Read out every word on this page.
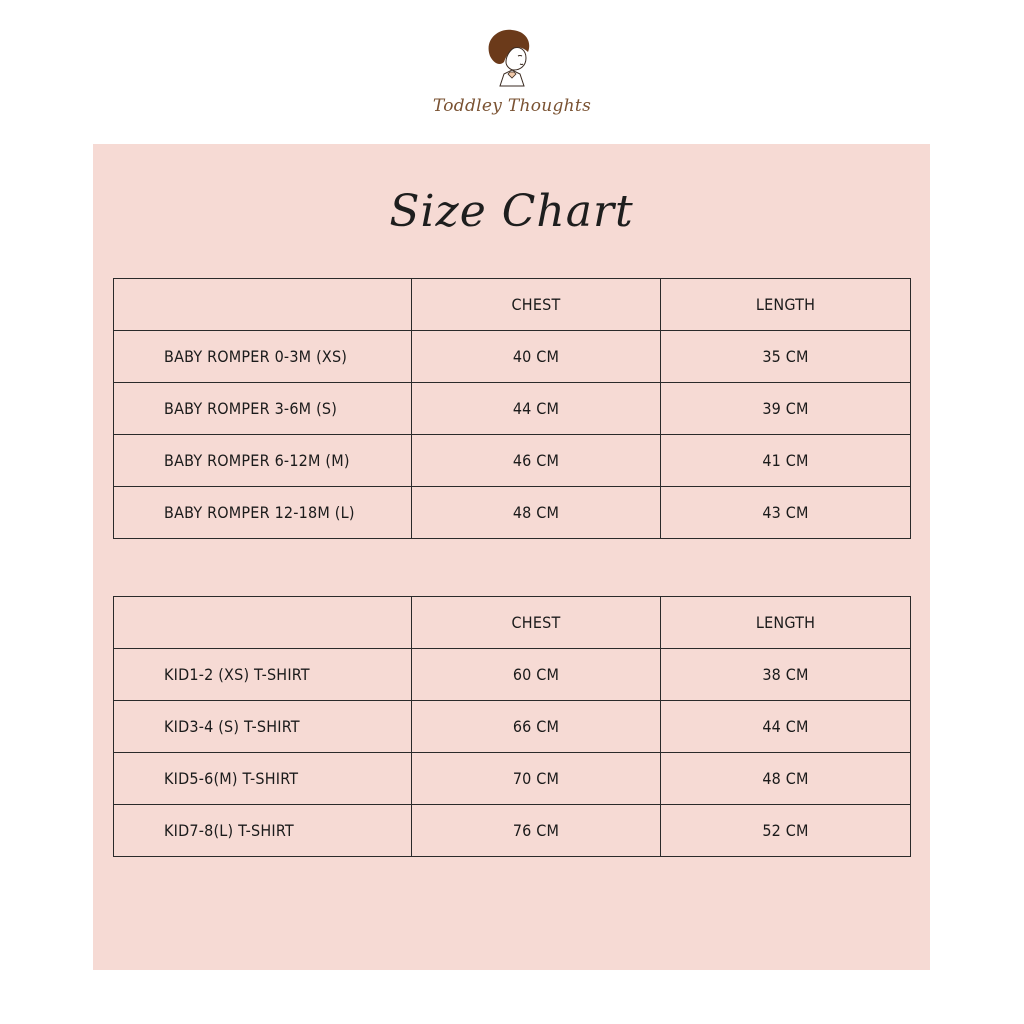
Toddley Thoughts
Size Chart
	CHEST	LENGTH
BABY ROMPER 0-3M (XS)	40 CM	35 CM
BABY ROMPER 3-6M (S)	44 CM	39 CM
BABY ROMPER 6-12M (M)	46 CM	41 CM
BABY ROMPER 12-18M (L)	48 CM	43 CM
	CHEST	LENGTH
KID1-2 (XS) T-SHIRT	60 CM	38 CM
KID3-4 (S) T-SHIRT	66 CM	44 CM
KID5-6(M) T-SHIRT	70 CM	48 CM
KID7-8(L) T-SHIRT	76 CM	52 CM
